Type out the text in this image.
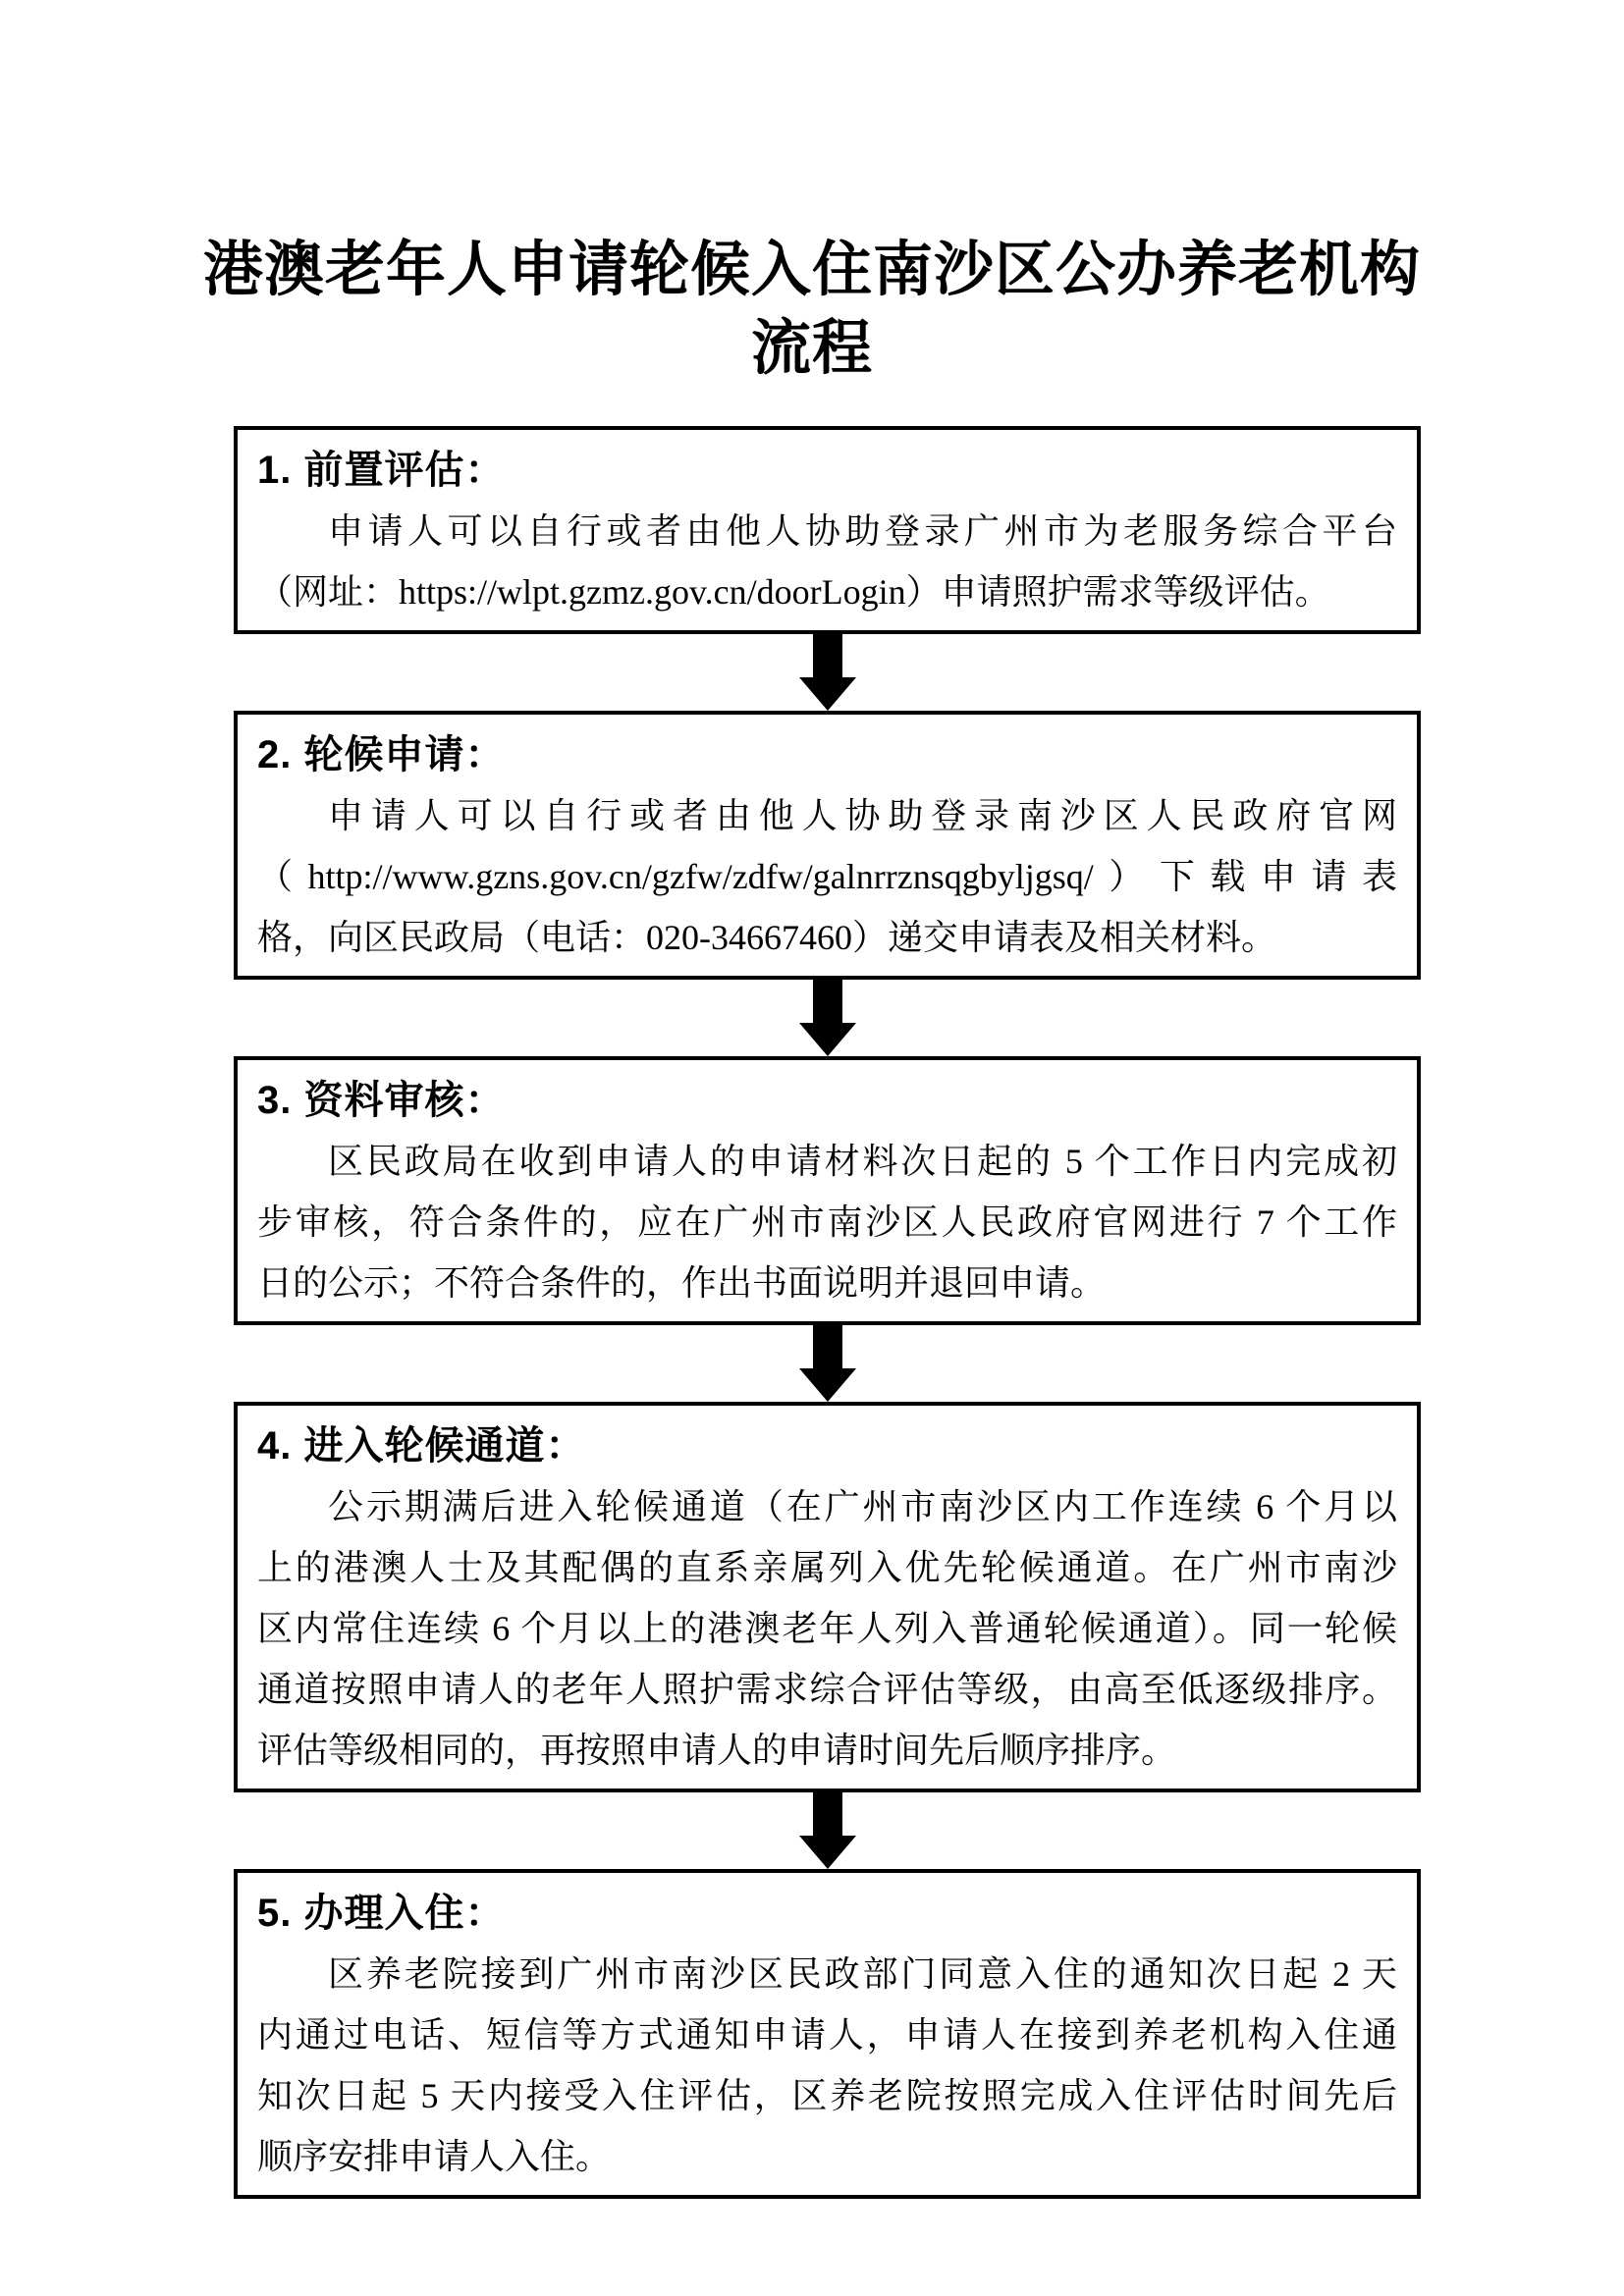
港澳老年人申请轮候入住南沙区公办养老机构
流程
1. 前置评估：
申请人可以自行或者由他人协助登录广州市为老服务综合平台
（网址：https://wlpt.gzmz.gov.cn/doorLogin）申请照护需求等级评估。
2. 轮候申请：
申请人可以自行或者由他人协助登录南沙区人民政府官网
（http://www.gzns.gov.cn/gzfw/zdfw/galnrrznsqgbyljgsq/）下载申请表
格，向区民政局（电话：020-34667460）递交申请表及相关材料。
3. 资料审核：
区民政局在收到申请人的申请材料次日起的 5 个工作日内完成初
步审核，符合条件的，应在广州市南沙区人民政府官网进行 7 个工作
日的公示；不符合条件的，作出书面说明并退回申请。
4. 进入轮候通道：
公示期满后进入轮候通道（在广州市南沙区内工作连续 6 个月以
上的港澳人士及其配偶的直系亲属列入优先轮候通道。在广州市南沙
区内常住连续 6 个月以上的港澳老年人列入普通轮候通道）。同一轮候
通道按照申请人的老年人照护需求综合评估等级，由高至低逐级排序。
评估等级相同的，再按照申请人的申请时间先后顺序排序。
5. 办理入住：
区养老院接到广州市南沙区民政部门同意入住的通知次日起 2 天
内通过电话、短信等方式通知申请人，申请人在接到养老机构入住通
知次日起 5 天内接受入住评估，区养老院按照完成入住评估时间先后
顺序安排申请人入住。
